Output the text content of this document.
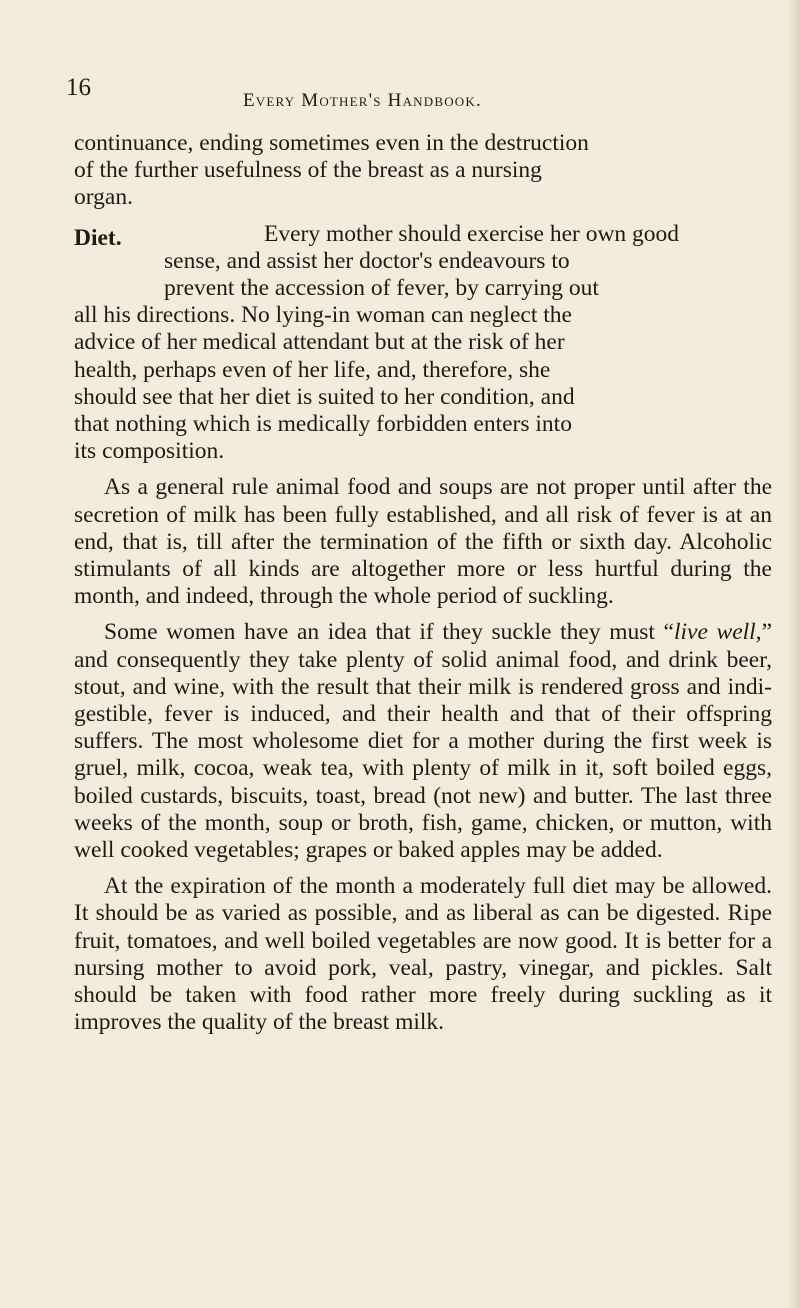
16	Every Mother's Handbook.
Diet.

continuance, ending sometimes even in the destruction
of the further usefulness of the breast as a nursing
organ.

Every mother should exercise her own good
sense, and assist her doctor's endeavours to
prevent the accession of fever, by carrying out
all his directions. No lying-in woman can neglect the
advice of her medical attendant but at the risk of her
health, perhaps even of her life, and, therefore, she
should see that her diet is suited to her condition, and
that nothing which is medically forbidden enters into
its composition.

As a general rule animal food and soups are not proper until after the secretion of milk has been fully established, and all risk of fever is at an end, that is, till after the termination of the fifth or sixth day. Alcoholic stimulants of all kinds are altogether more or less hurtful during the month, and indeed, through the whole period of suckling.

Some women have an idea that if they suckle they must “live well,” and consequently they take plenty of solid animal food, and drink beer, stout, and wine, with the result that their milk is rendered gross and indi- gestible, fever is induced, and their health and that of their offspring suffers. The most wholesome diet for a mother during the first week is gruel, milk, cocoa, weak tea, with plenty of milk in it, soft boiled eggs, boiled custards, biscuits, toast, bread (not new) and butter. The last three weeks of the month, soup or broth, fish, game, chicken, or mutton, with well cooked vegetables; grapes or baked apples may be added.

At the expiration of the month a moderately full diet may be allowed. It should be as varied as possible, and as liberal as can be digested. Ripe fruit, tomatoes, and well boiled vegetables are now good. It is better for a nursing mother to avoid pork, veal, pastry, vinegar, and pickles. Salt should be taken with food rather more freely during suckling as it improves the quality of the breast milk.
